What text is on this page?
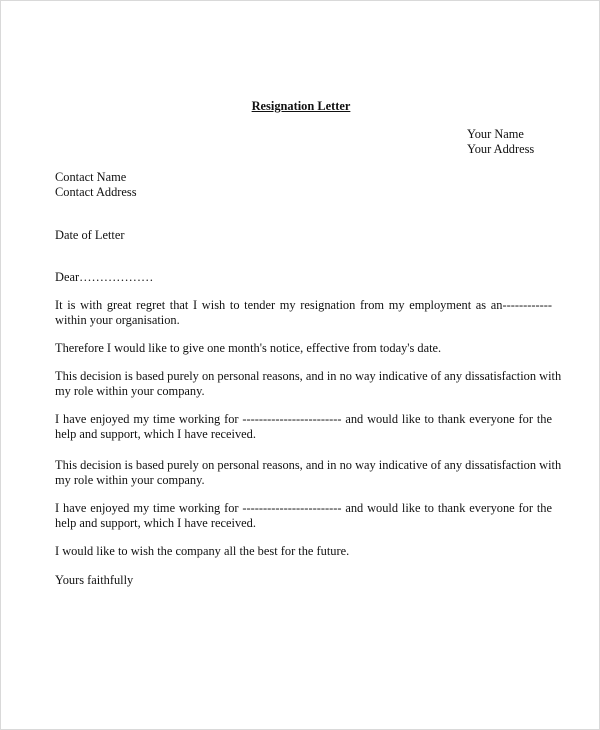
Resignation Letter
Your Name
Your Address
Contact Name
Contact Address
Date of Letter
Dear………………
It is with great regret that I wish to tender my resignation from my employment as an------------
within your organisation.
Therefore I would like to give one month's notice, effective from today's date.
This decision is based purely on personal reasons, and in no way indicative of any dissatisfaction with
my role within your company.
I have enjoyed my time working for ------------------------ and would like to thank everyone for the
help and support, which I have received.
This decision is based purely on personal reasons, and in no way indicative of any dissatisfaction with
my role within your company.
I have enjoyed my time working for ------------------------ and would like to thank everyone for the
help and support, which I have received.
I would like to wish the company all the best for the future.
Yours faithfully
